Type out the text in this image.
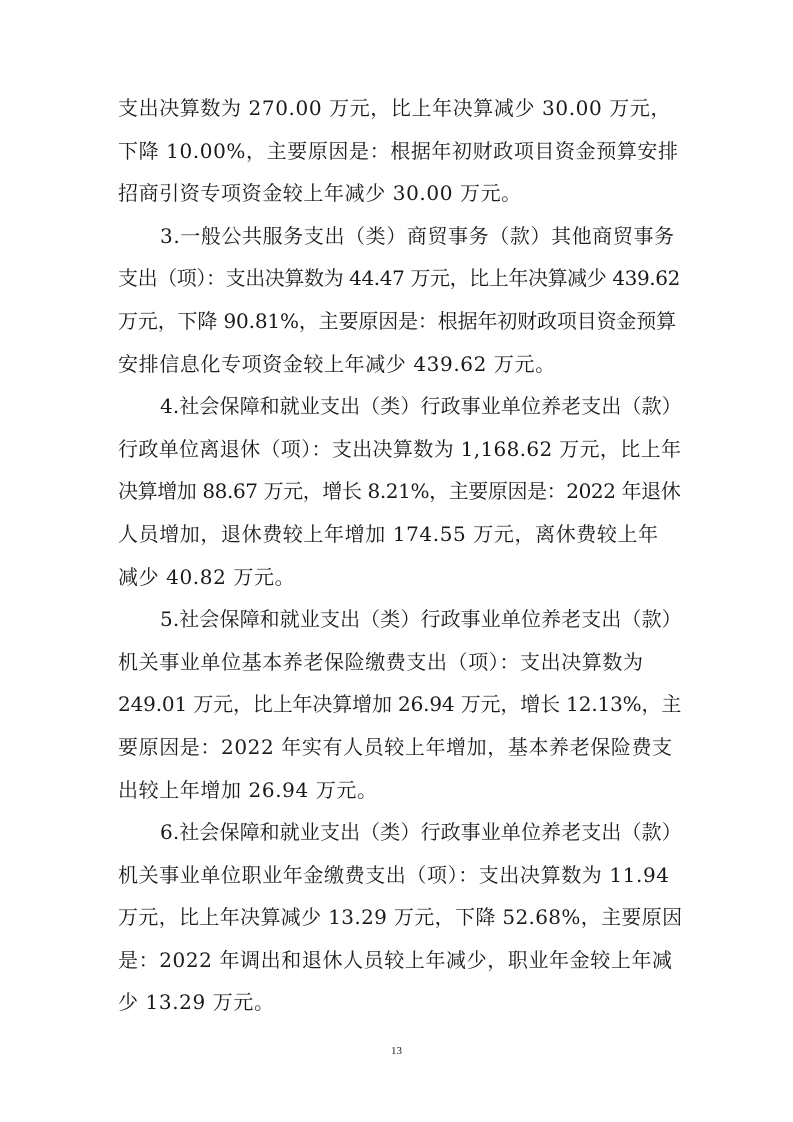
支出决算数为 270.00 万元，比上年决算减少 30.00 万元，
下降 10.00%，主要原因是：根据年初财政项目资金预算安排
招商引资专项资金较上年减少 30.00 万元。
3.一般公共服务支出（类）商贸事务（款）其他商贸事务
支出（项）：支出决算数为 44.47 万元，比上年决算减少 439.62
万元，下降 90.81%，主要原因是：根据年初财政项目资金预算
安排信息化专项资金较上年减少 439.62 万元。
4.社会保障和就业支出（类）行政事业单位养老支出（款）
行政单位离退休（项）：支出决算数为 1,168.62 万元，比上年
决算增加 88.67 万元，增长 8.21%，主要原因是：2022 年退休
人员增加，退休费较上年增加 174.55 万元，离休费较上年
减少 40.82 万元。
5.社会保障和就业支出（类）行政事业单位养老支出（款）
机关事业单位基本养老保险缴费支出（项）：支出决算数为
249.01 万元，比上年决算增加 26.94 万元，增长 12.13%，主
要原因是：2022 年实有人员较上年增加，基本养老保险费支
出较上年增加 26.94 万元。
6.社会保障和就业支出（类）行政事业单位养老支出（款）
机关事业单位职业年金缴费支出（项）：支出决算数为 11.94
万元，比上年决算减少 13.29 万元，下降 52.68%，主要原因
是：2022 年调出和退休人员较上年减少，职业年金较上年减
少 13.29 万元。
13
